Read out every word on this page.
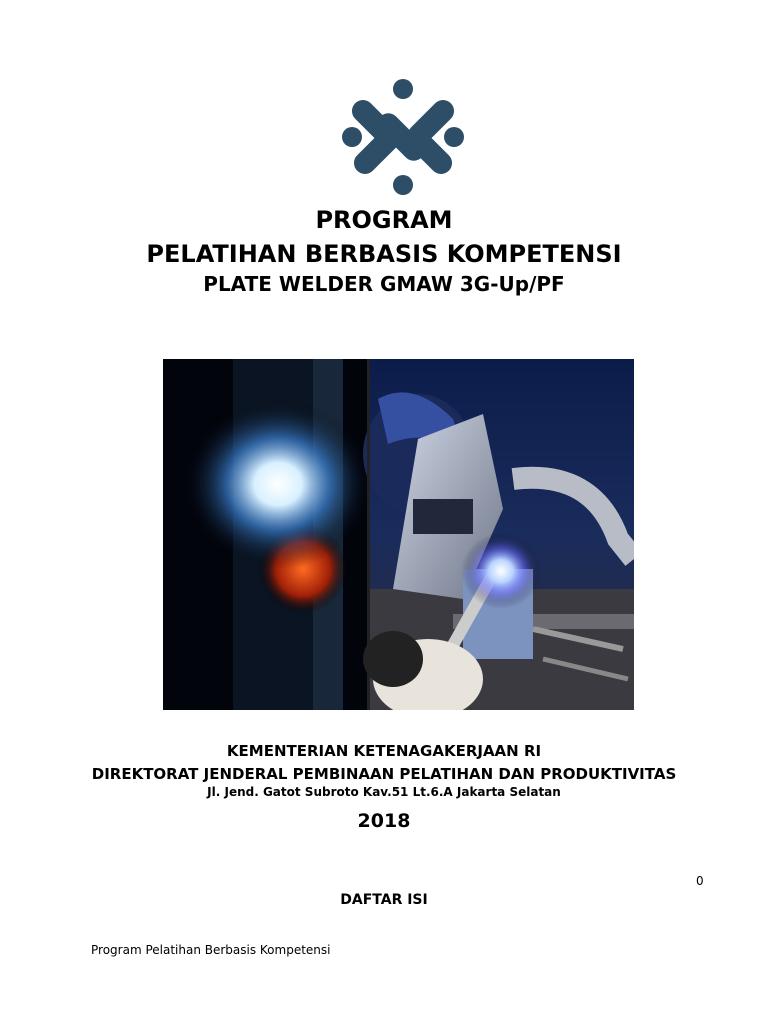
PROGRAM
PELATIHAN BERBASIS KOMPETENSI
PLATE WELDER GMAW 3G-Up/PF
KEMENTERIAN KETENAGAKERJAAN RI
DIREKTORAT JENDERAL PEMBINAAN PELATIHAN DAN PRODUKTIVITAS
Jl. Jend. Gatot Subroto Kav.51 Lt.6.A Jakarta Selatan
2018
0
DAFTAR ISI
Program Pelatihan Berbasis Kompetensi
